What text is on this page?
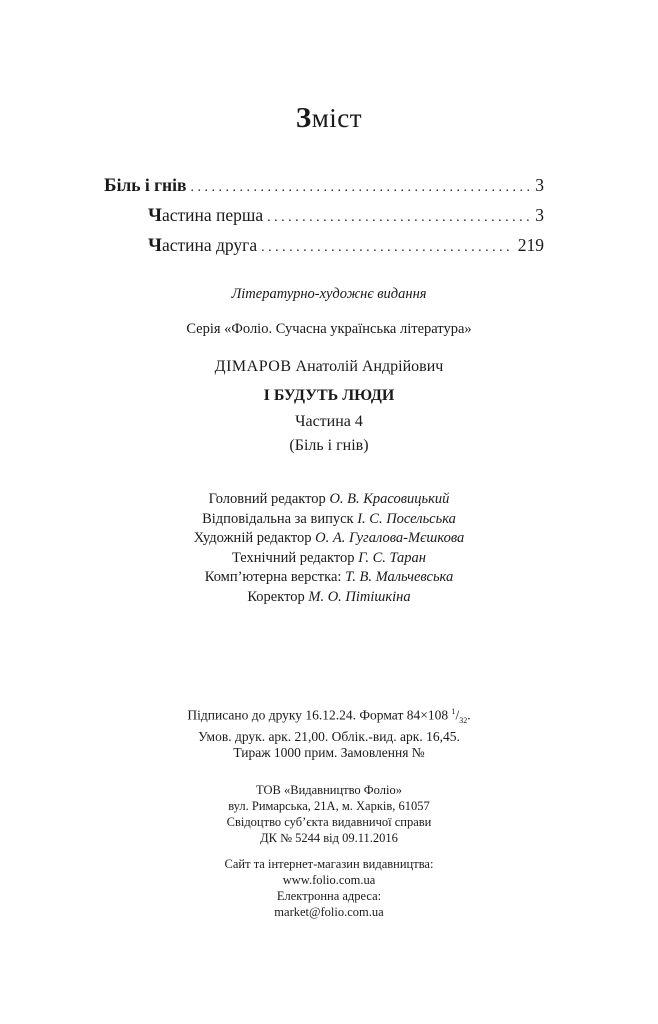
Зміст
Біль і гнів . . .	3
Частина перша . . .	3
Частина друга . . .	219
Літературно-художнє видання
Серія «Фоліо. Сучасна українська література»
ДІМАРОВ Анатолій Андрійович
І БУДУТЬ ЛЮДИ
Частина 4
(Біль і гнів)
Головний редактор О. В. Красовицький
Відповідальна за випуск І. С. Посельська
Художній редактор О. А. Гугалова-Мєшкова
Технічний редактор Г. С. Таран
Комп’ютерна верстка: Т. В. Мальчевська
Коректор М. О. Пітішкіна
Підписано до друку 16.12.24. Формат 84×108 $^1/_{32}$.
Умов. друк. арк. 21,00. Облік.-вид. арк. 16,45.
Тираж 1000 прим. Замовлення №
ТОВ «Видавництво Фоліо»
вул. Римарська, 21А, м. Харків, 61057
Свідоцтво суб’єкта видавничої справи
ДК № 5244 від 09.11.2016
Сайт та інтернет-магазин видавництва:
www.folio.com.ua
Електронна адреса:
market@folio.com.ua
